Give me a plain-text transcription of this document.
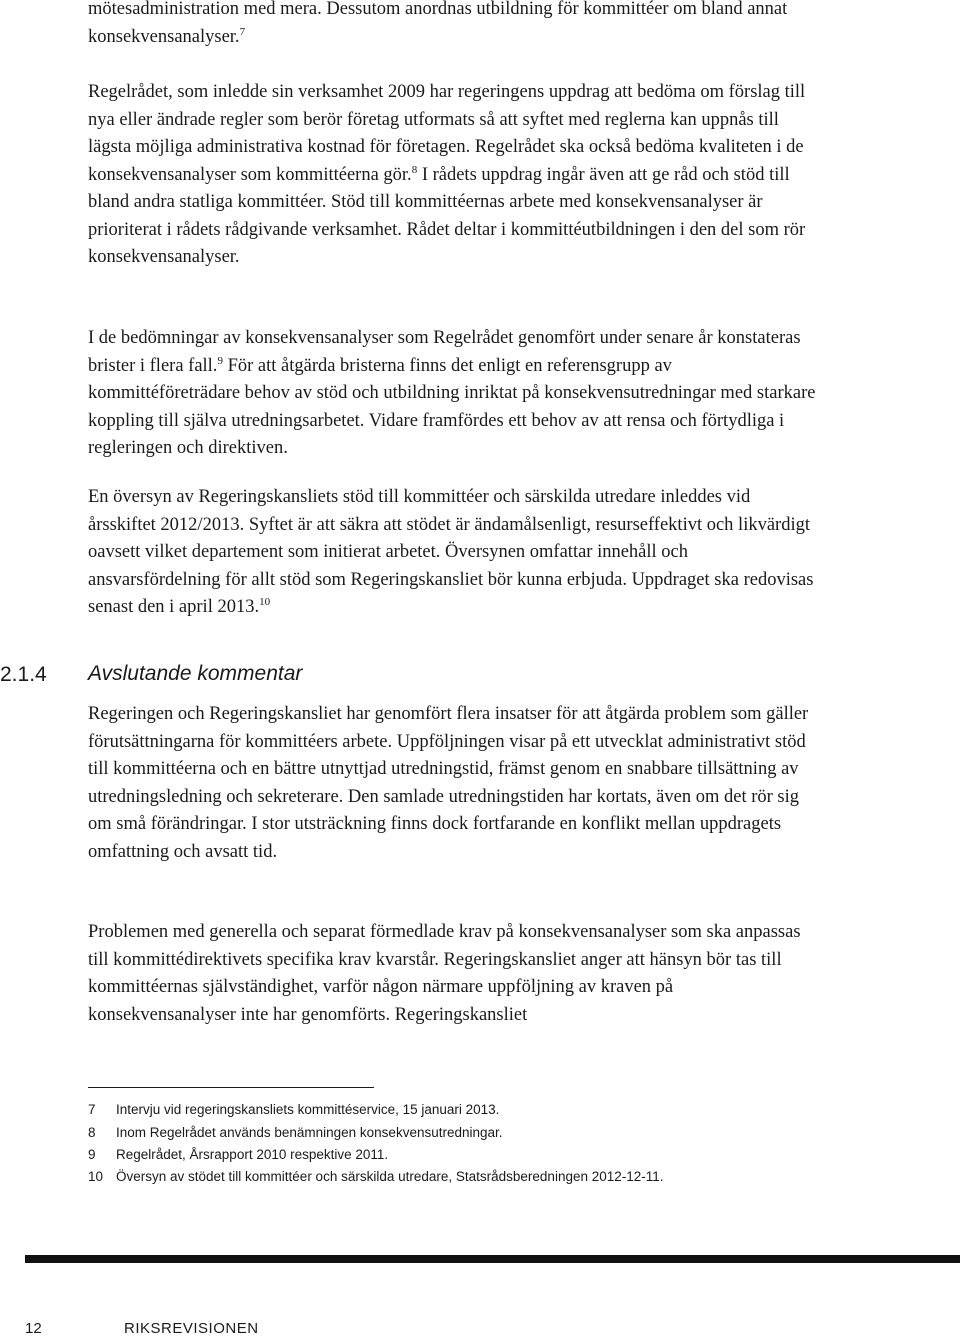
mötesadministration med mera. Dessutom anordnas utbildning för kommittéer om bland annat konsekvensanalyser.$^7$

Regelrådet, som inledde sin verksamhet 2009 har regeringens uppdrag att bedöma om förslag till nya eller ändrade regler som berör företag utformats så att syftet med reglerna kan uppnås till lägsta möjliga administrativa kostnad för företagen. Regelrådet ska också bedöma kvaliteten i de konsekvensanalyser som kommittéerna gör.$^8$ I rådets uppdrag ingår även att ge råd och stöd till bland andra statliga kommittéer. Stöd till kommittéernas arbete med konsekvensanalyser är prioriterat i rådets rådgivande verksamhet. Rådet deltar i kommittéutbildningen i den del som rör konsekvensanalyser.

I de bedömningar av konsekvensanalyser som Regelrådet genomfört under senare år konstateras brister i flera fall.$^9$ För att åtgärda bristerna finns det enligt en referensgrupp av kommittéföreträdare behov av stöd och utbildning inriktat på konsekvensutredningar med starkare koppling till själva utredningsarbetet. Vidare framfördes ett behov av att rensa och förtydliga i regleringen och direktiven.

En översyn av Regeringskansliets stöd till kommittéer och särskilda utredare inleddes vid årsskiftet 2012/2013. Syftet är att säkra att stödet är ändamålsenligt, resurseffektivt och likvärdigt oavsett vilket departement som initierat arbetet. Översynen omfattar innehåll och ansvarsfördelning för allt stöd som Regeringskansliet bör kunna erbjuda. Uppdraget ska redovisas senast den i april 2013.10

2.1.4 Avslutande kommentar

Regeringen och Regeringskansliet har genomfört flera insatser för att åtgärda problem som gäller förutsättningarna för kommittéers arbete. Uppföljningen visar på ett utvecklat administrativt stöd till kommittéerna och en bättre utnyttjad utredningstid, främst genom en snabbare tillsättning av utredningsledning och sekreterare. Den samlade utredningstiden har kortats, även om det rör sig om små förändringar. I stor utsträckning finns dock fortfarande en konflikt mellan uppdragets omfattning och avsatt tid.

Problemen med generella och separat förmedlade krav på konsekvensanalyser som ska anpassas till kommittédirektivets specifika krav kvarstår. Regeringskansliet anger att hänsyn bör tas till kommittéernas självständighet, varför någon närmare uppföljning av kraven på konsekvensanalyser inte har genomförts. Regeringskansliet

7 Intervju vid regeringskansliets kommittéservice, 15 januari 2013.
8 Inom Regelrådet används benämningen konsekvensutredningar.
9 Regelrådet, Årsrapport 2010 respektive 2011.
10 Översyn av stödet till kommittéer och särskilda utredare, Statsrådsberedningen 2012-12-11.
12	RIKSREVISIONEN
